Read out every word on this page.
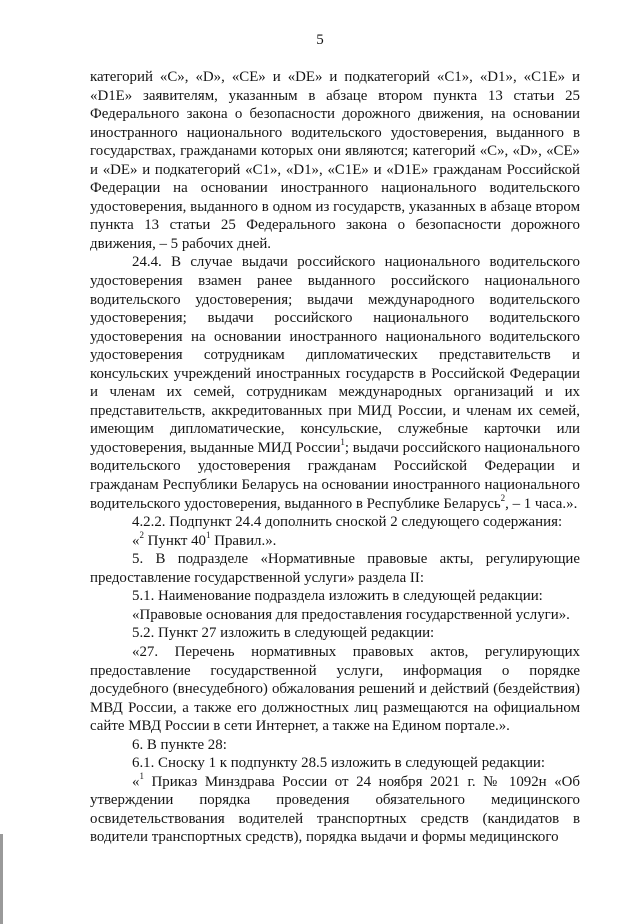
5

категорий «C», «D», «CE» и «DE» и подкатегорий «C1», «D1», «C1E» и «D1E» заявителям, указанным в абзаце втором пункта 13 статьи 25 Федерального закона о безопасности дорожного движения, на основании иностранного национального водительского удостоверения, выданного в государствах, гражданами которых они являются; категорий «C», «D», «CE» и «DE» и подкатегорий «C1», «D1», «C1E» и «D1E» гражданам Российской Федерации на основании иностранного национального водительского удостоверения, выданного в одном из государств, указанных в абзаце втором пункта 13 статьи 25 Федерального закона о безопасности дорожного движения, – 5 рабочих дней.

24.4. В случае выдачи российского национального водительского удостоверения взамен ранее выданного российского национального водительского удостоверения; выдачи международного водительского удостоверения; выдачи российского национального водительского удостоверения на основании иностранного национального водительского удостоверения сотрудникам дипломатических представительств и консульских учреждений иностранных государств в Российской Федерации и членам их семей, сотрудникам международных организаций и их представительств, аккредитованных при МИД России, и членам их семей, имеющим дипломатические, консульские, служебные карточки или удостоверения, выданные МИД России$^1$; выдачи российского национального водительского удостоверения гражданам Российской Федерации и гражданам Республики Беларусь на основании иностранного национального водительского удостоверения, выданного в Республике Беларусь$^2$, – 1 часа.».

4.2.2. Подпункт 24.4 дополнить сноской 2 следующего содержания:

«$^2$ Пункт $40^1$ Правил.».

5. В подразделе «Нормативные правовые акты, регулирующие предоставление государственной услуги» раздела II:

5.1. Наименование подраздела изложить в следующей редакции:

«Правовые основания для предоставления государственной услуги».

5.2. Пункт 27 изложить в следующей редакции:

«27. Перечень нормативных правовых актов, регулирующих предоставление государственной услуги, информация о порядке досудебного (внесудебного) обжалования решений и действий (бездействия) МВД России, а также его должностных лиц размещаются на официальном сайте МВД России в сети Интернет, а также на Едином портале.».

6. В пункте 28:

6.1. Сноску 1 к подпункту 28.5 изложить в следующей редакции:

«$^1$ Приказ Минздрава России от 24 ноября 2021 г. № 1092н «Об утверждении порядка проведения обязательного медицинского освидетельствования водителей транспортных средств (кандидатов в водители транспортных средств), порядка выдачи и формы медицинского
